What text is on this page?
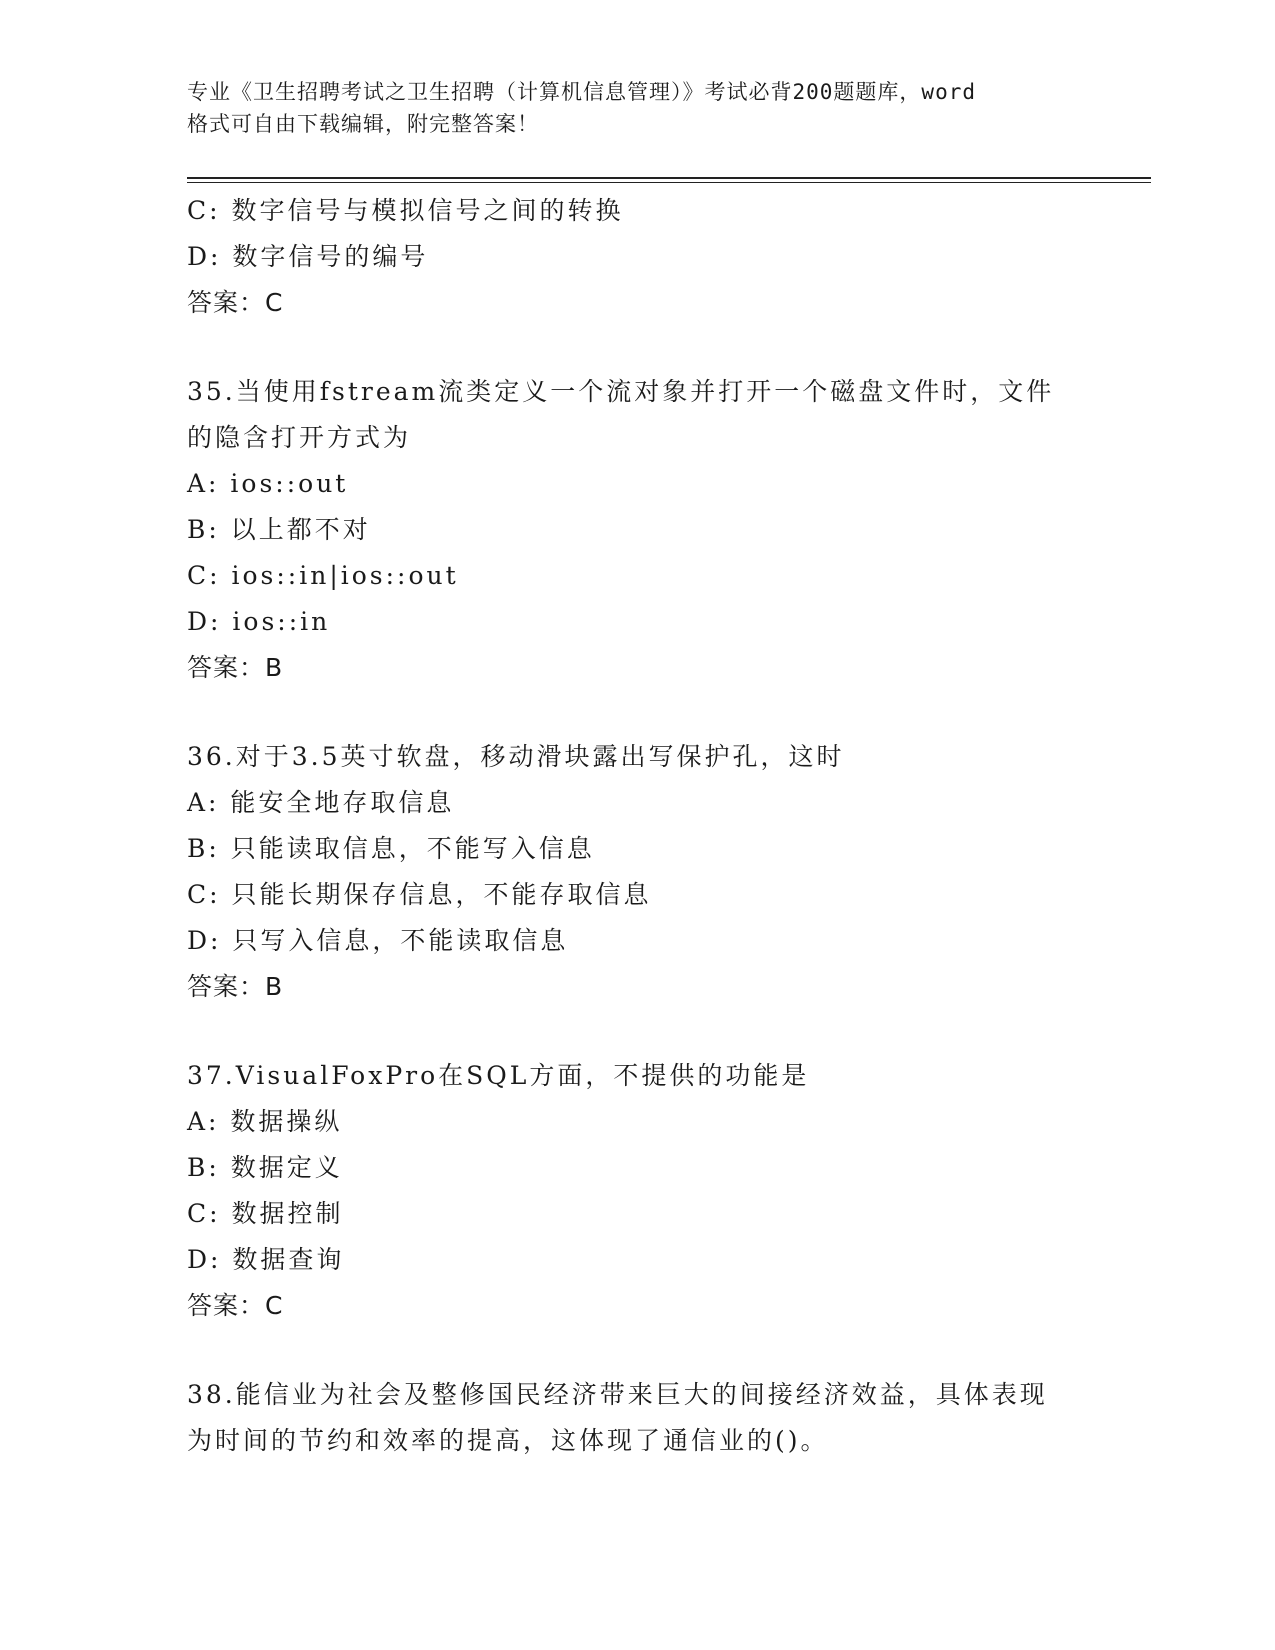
专业《卫生招聘考试之卫生招聘（计算机信息管理）》考试必背200题题库，word
格式可自由下载编辑，附完整答案！
C: 数字信号与模拟信号之间的转换
D: 数字信号的编号
答案：C
35.当使用fstream流类定义一个流对象并打开一个磁盘文件时，文件
的隐含打开方式为
A: ios::out
B: 以上都不对
C: ios::in|ios::out
D: ios::in
答案：B
36.对于3.5英寸软盘，移动滑块露出写保护孔，这时
A: 能安全地存取信息
B: 只能读取信息，不能写入信息
C: 只能长期保存信息，不能存取信息
D: 只写入信息，不能读取信息
答案：B
37.VisualFoxPro在SQL方面，不提供的功能是
A: 数据操纵
B: 数据定义
C: 数据控制
D: 数据查询
答案：C
38.能信业为社会及整修国民经济带来巨大的间接经济效益，具体表现
为时间的节约和效率的提高，这体现了通信业的()。
